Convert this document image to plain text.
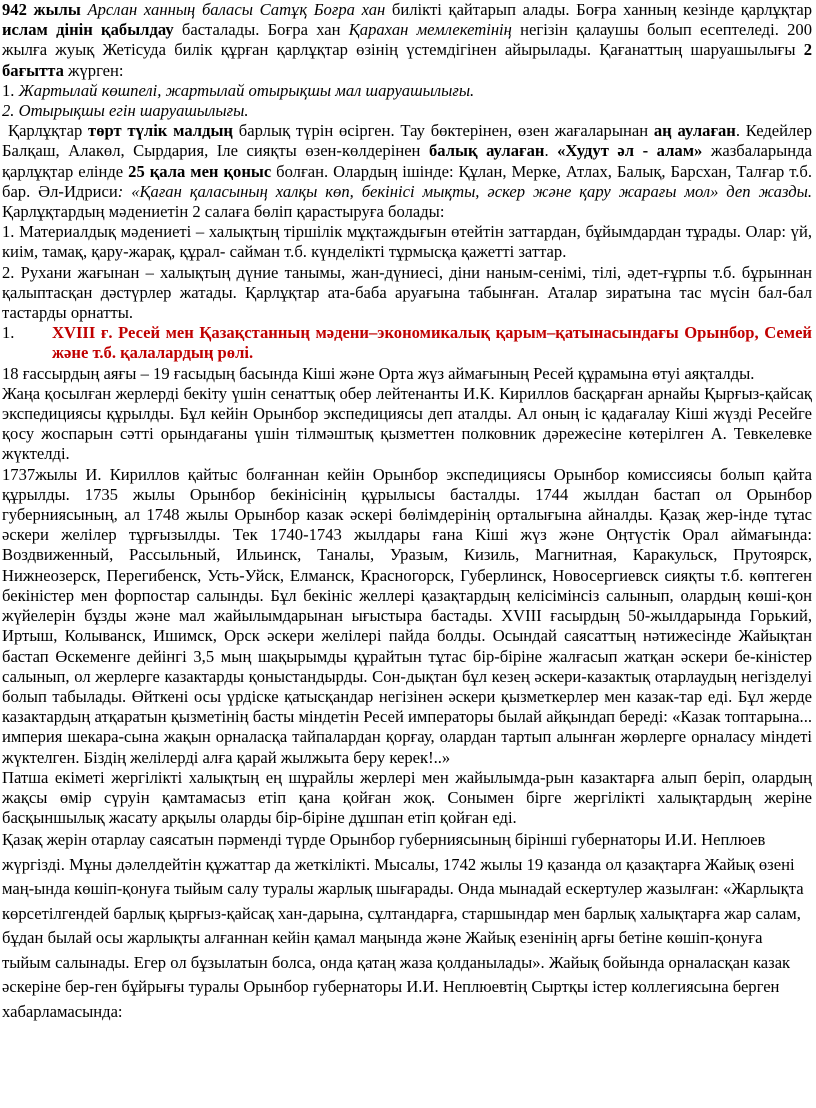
942 жылы Арслан ханның баласы Сатұқ Боғра хан билікті қайтарып алады. Боғра ханның кезінде қарлұқтар ислам дінін қабылдау басталады. Боғра хан Қарахан мемлекетінің негізін қалаушы болып есептеледі. 200 жылға жуық Жетісуда билік құрған қарлұқтар өзінің үстемдігінен айырылады. Қағанаттың шаруашылығы 2 бағытта жүрген:

1. Жартылай көшпелі, жартылай отырықшы мал шаруашылығы.

2. Отырықшы егін шаруашылығы.

Қарлұқтар төрт түлік малдың барлық түрін өсірген. Тау бөктерінен, өзен жағаларынан аң аулаған. Кедейлер Балқаш, Алакөл, Сырдария, Іле сияқты өзен-көлдерінен балық аулаған. «Худут әл - алам» жазбаларында қарлұқтар елінде 25 қала мен қоныс болған. Олардың ішінде: Құлан, Мерке, Атлах, Балық, Барсхан, Талғар т.б. бар. Әл-Идриси: «Қаған қаласының халқы көп, бекінісі мықты, әскер және қару жарағы мол» деп жазды. Қарлұқтардың мәдениетін 2 салаға бөліп қарастыруға болады:

1. Материалдық мәдениеті – халықтың тіршілік мұқтаждығын өтейтін заттардан, бұйымдардан тұрады. Олар: үй, киім, тамақ, қару-жарақ, құрал- сайман т.б. күнделікті тұрмысқа қажетті заттар.

2. Рухани жағынан – халықтың дүние танымы, жан-дүниесі, діни наным-сенімі, тілі, әдет-ғұрпы т.б. бұрыннан қалыптасқан дәстүрлер жатады. Қарлұқтар ата-баба аруағына табынған. Аталар зиратына тас мүсін бал-бал тастарды орнатты.

1.	XVIII ғ. Ресей мен Қазақстанның мәдени–экономикалық қарым–қатынасындағы Орынбор, Семей және т.б. қалалардың рөлі.

18 ғассырдың аяғы – 19 ғасыдың басында Кіші және Орта жүз аймағының Ресей құрамына өтуі аяқталды.

Жаңа қосылған жерлерді бекіту үшін сенаттық обер лейтенанты И.К. Кириллов басқарған арнайы Қырғыз-қайсақ экспедициясы құрылды. Бұл кейін Орынбор экспедициясы деп аталды. Ал оның іс қадағалау Кіші жүзді Ресейге қосу жоспарын сәтті орындағаны үшін тілмәштық қызметтен полковник дәрежесіне көтерілген А. Тевкелевке жүктелді.

1737жылы И. Кириллов қайтыс болғаннан кейін Орынбор экспедициясы Орынбор комиссиясы болып қайта құрылды. 1735 жылы Орынбор бекінісінің құрылысы басталды. 1744 жылдан бастап ол Орынбор губерниясының, ал 1748 жылы Орынбор казак әскері бөлімдерінің орталығына айналды. Қазақ жер-інде тұтас әскери желілер тұрғызылды. Тек 1740-1743 жылдары ғана Кіші жүз және Оңтүстік Орал аймағында: Воздвиженный, Рассыльный, Ильинск, Таналы, Уразым, Кизиль, Магнитная, Каракульск, Прутоярск, Нижнеозерск, Перегибенск, Усть-Уйск, Елманск, Красногорск, Губерлинск, Новосергиевск сияқты т.б. көптеген бекіністер мен форпостар салынды. Бұл бекініс желлері қазақтардың келісімінсіз салынып, олардың көші-қон жүйелерін бұзды және мал жайылымдарынан ығыстыра бастады. XVIII ғасырдың 50-жылдарында Горький, Иртыш, Колыванск, Ишимск, Орск әскери желілері пайда болды. Осындай саясаттың нәтижесінде Жайықтан бастап Өскеменге дейінгі 3,5 мың шақырымды құрайтын тұтас бір-біріне жалғасып жатқан әскери бе-кіністер салынып, ол жерлерге казактарды қоныстандырды. Сон-дықтан бұл кезең әскери-казактық отарлаудың негізделуі болып табылады. Өйткені осы үрдіске қатысқандар негізінен әскери қызметкерлер мен казак-тар еді. Бұл жерде казактардың атқаратын қызметінің басты міндетін Ресей императоры былай айқындап береді: «Казак топтарына... империя шекара-сына жақын орналасқа тайпалардан қорғау, олардан тартып алынған жөрлерге орналасу міндеті жүктелген. Біздің желілерді алға қарай жылжыта беру керек!..»

Патша екіметі жергілікті халықтың ең шұрайлы жерлері мен жайылымда-рын казактарға алып беріп, олардың жақсы өмір сүруін қамтамасыз етіп қана қойған жоқ. Сонымен бірге жергілікті халықтардың жеріне басқыншылық жасату арқылы оларды бір-біріне дұшпан етіп қойған еді.

Қазақ жерін отарлау саясатын пәрменді түрде Орынбор губерниясының бірінші губернаторы И.И. Неплюев жүргізді. Мұны дәлелдейтін құжаттар да жеткілікті. Мысалы, 1742 жылы 19 қазанда ол қазақтарға Жайық өзені маң-ында көшіп-қонуға тыйым салу туралы жарлық шығарады. Онда мынадай ескертулер жазылған: «Жарлықта көрсетілгендей барлық қырғыз-қайсақ хан-дарына, сұлтандарға, старшындар мен барлық халықтарға жар салам, бұдан былай осы жарлықты алғаннан кейін қамал маңында және Жайық езенінің арғы бетіне көшіп-қонуға тыйым салынады. Егер ол бұзылатын болса, онда қатаң жаза қолданылады». Жайық бойында орналасқан казак әскеріне бер-ген бұйрығы туралы Орынбор губернаторы И.И. Неплюевтің Сыртқы істер коллегиясына берген хабарламасында:
